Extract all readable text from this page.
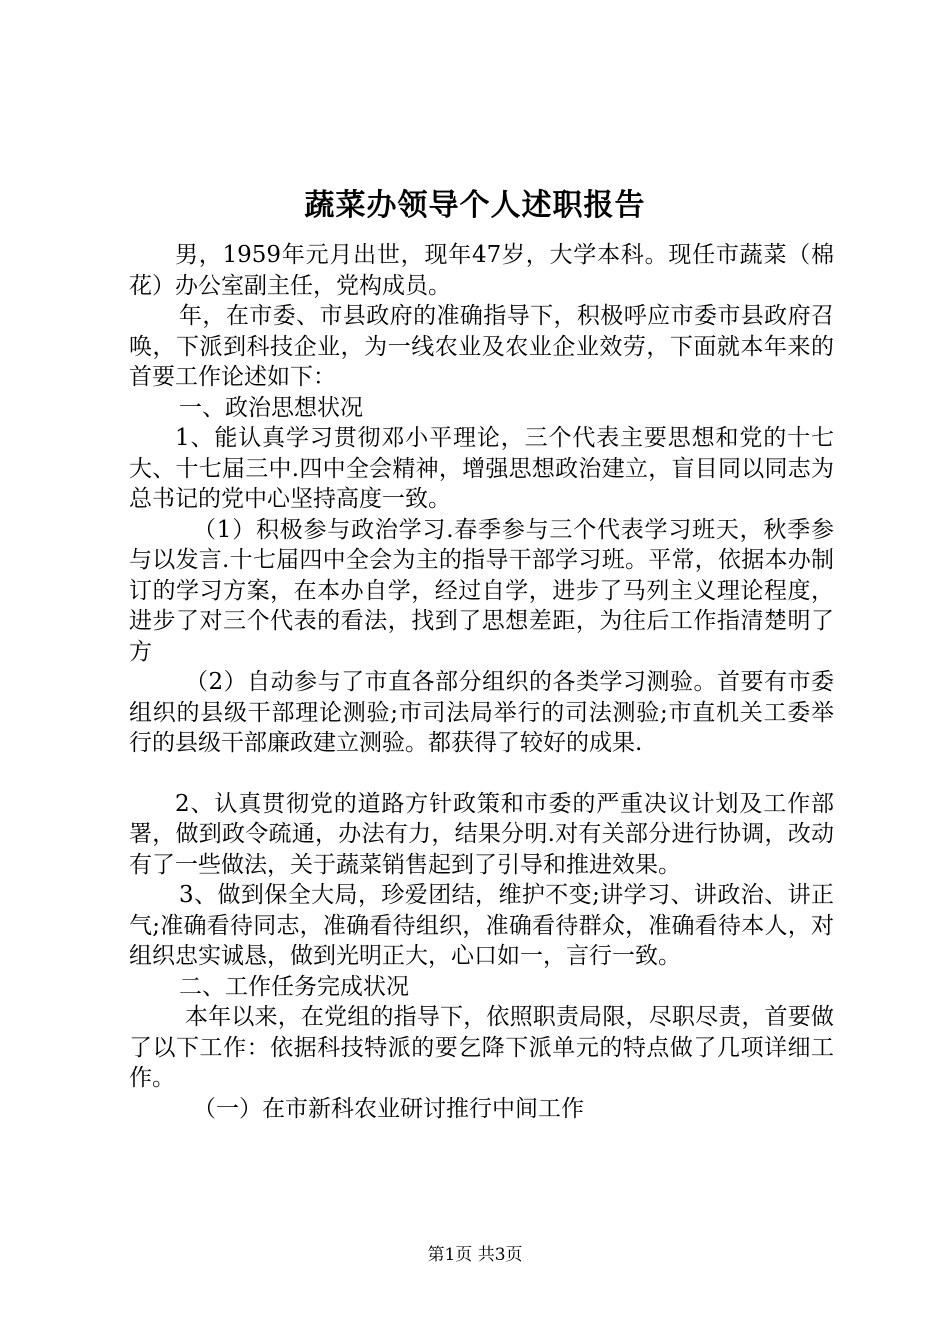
蔬菜办领导个人述职报告

男，1959年元月出世，现年47岁，大学本科。现任市蔬菜（棉花）办公室副主任，党构成员。

年，在市委、市县政府的准确指导下，积极呼应市委市县政府召唤，下派到科技企业，为一线农业及农业企业效劳，下面就本年来的首要工作论述如下：

一、政治思想状况

1、能认真学习贯彻邓小平理论，三个代表主要思想和党的十七大、十七届三中.四中全会精神，增强思想政治建立，盲目同以同志为总书记的党中心坚持高度一致。

（1）积极参与政治学习.春季参与三个代表学习班天，秋季参与以发言.十七届四中全会为主的指导干部学习班。平常，依据本办制订的学习方案，在本办自学，经过自学，进步了马列主义理论程度，进步了对三个代表的看法，找到了思想差距，为往后工作指清楚明了方

（2）自动参与了市直各部分组织的各类学习测验。首要有市委组织的县级干部理论测验;市司法局举行的司法测验;市直机关工委举行的县级干部廉政建立测验。都获得了较好的成果.

2、认真贯彻党的道路方针政策和市委的严重决议计划及工作部署，做到政令疏通，办法有力，结果分明.对有关部分进行协调，改动有了一些做法，关于蔬菜销售起到了引导和推进效果。

3、做到保全大局，珍爱团结，维护不变;讲学习、讲政治、讲正气;准确看待同志，准确看待组织，准确看待群众，准确看待本人，对组织忠实诚恳，做到光明正大，心口如一，言行一致。

二、工作任务完成状况

本年以来，在党组的指导下，依照职责局限，尽职尽责，首要做了以下工作：依据科技特派的要乞降下派单元的特点做了几项详细工作。

（一）在市新科农业研讨推行中间工作

第1页 共3页
